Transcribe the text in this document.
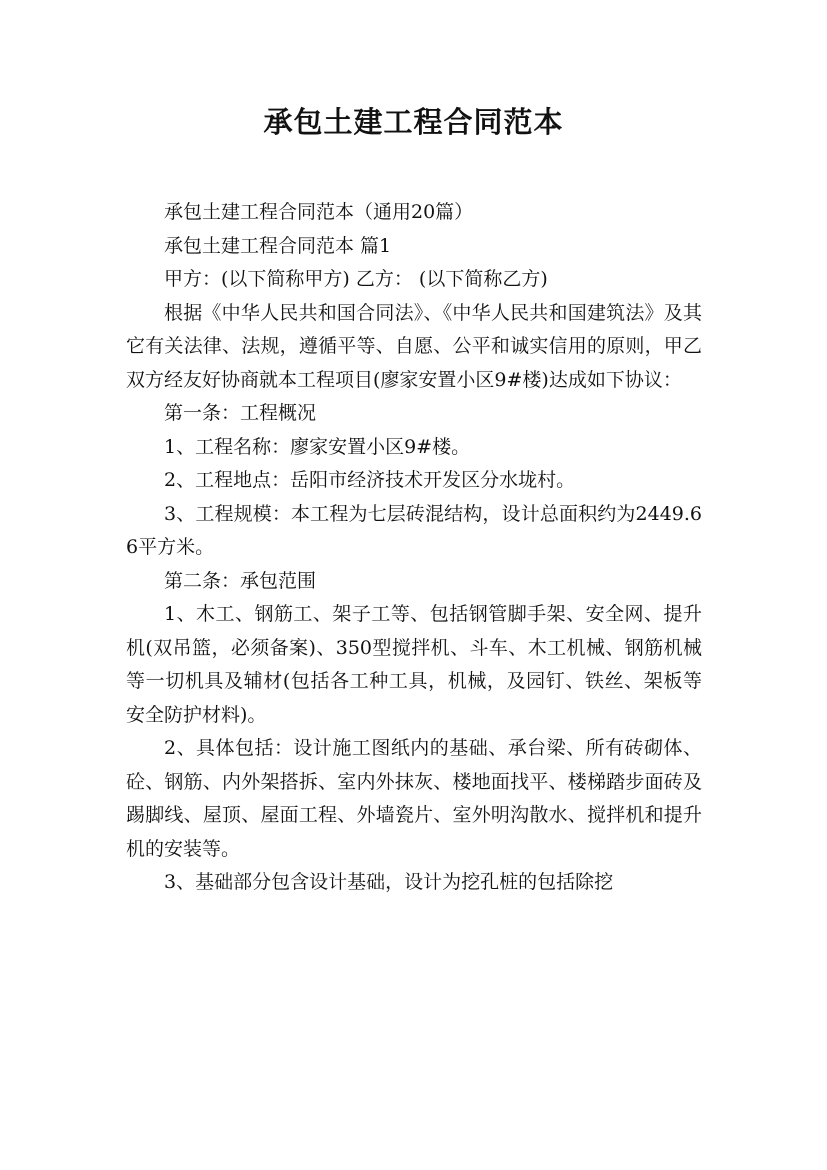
承包土建工程合同范本

承包土建工程合同范本（通用20篇）

承包土建工程合同范本 篇1

甲方：(以下简称甲方) 乙方： (以下简称乙方)

根据《中华人民共和国合同法》、《中华人民共和国建筑法》及其它有关法律、法规，遵循平等、自愿、公平和诚实信用的原则，甲乙双方经友好协商就本工程项目(廖家安置小区9#楼)达成如下协议：

第一条：工程概况

1、工程名称：廖家安置小区9#楼。

2、工程地点：岳阳市经济技术开发区分水垅村。

3、工程规模：本工程为七层砖混结构，设计总面积约为2449.66平方米。

第二条：承包范围

1、木工、钢筋工、架子工等、包括钢管脚手架、安全网、提升机(双吊篮，必须备案)、350型搅拌机、斗车、木工机械、钢筋机械等一切机具及辅材(包括各工种工具，机械，及园钉、铁丝、架板等安全防护材料)。

2、具体包括：设计施工图纸内的基础、承台梁、所有砖砌体、砼、钢筋、内外架搭拆、室内外抹灰、楼地面找平、楼梯踏步面砖及踢脚线、屋顶、屋面工程、外墙瓷片、室外明沟散水、搅拌机和提升机的安装等。

3、基础部分包含设计基础，设计为挖孔桩的包括除挖
